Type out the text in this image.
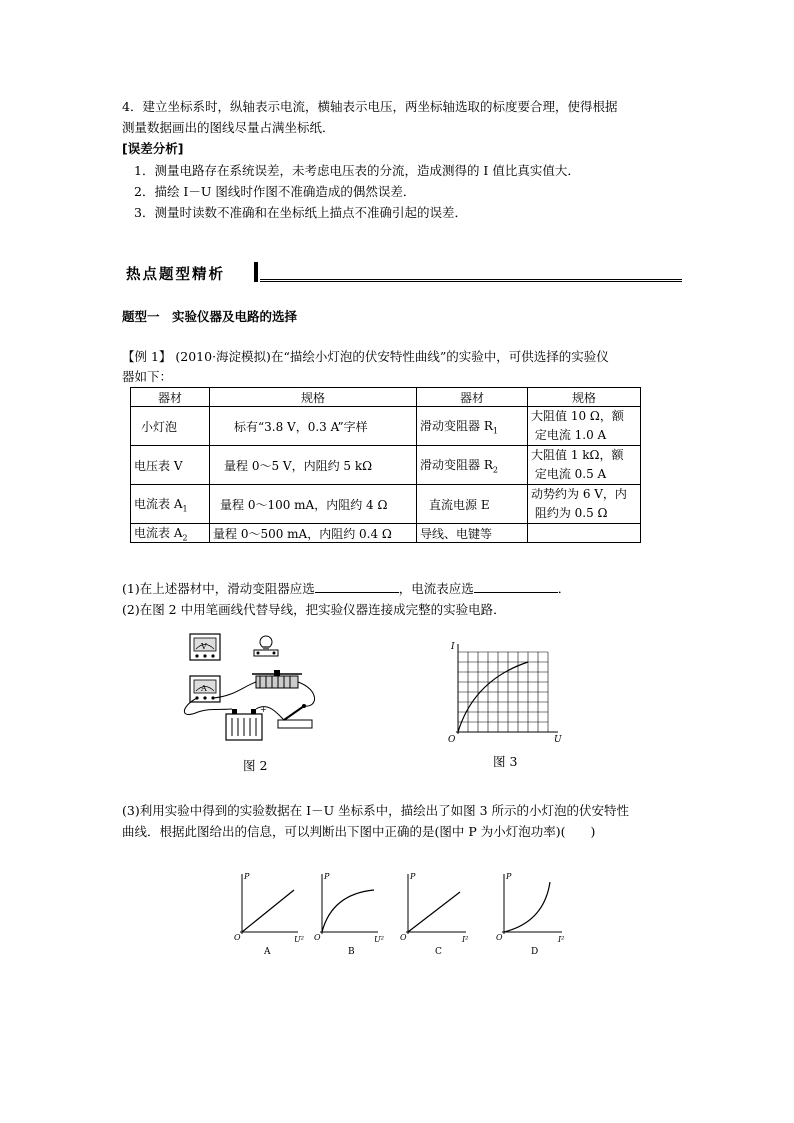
4．建立坐标系时，纵轴表示电流，横轴表示电压，两坐标轴选取的标度要合理，使得根据
测量数据画出的图线尽量占满坐标纸．
[误差分析]
1．测量电路存在系统误差，未考虑电压表的分流，造成测得的 I 值比真实值大．
2．描绘 I－U 图线时作图不准确造成的偶然误差．
3．测量时读数不准确和在坐标纸上描点不准确引起的误差．
热点题型精析
题型一　实验仪器及电路的选择
【例 1】 (2010·海淀模拟)在“描绘小灯泡的伏安特性曲线”的实验中，可供选择的实验仪
器如下：
器材	规格	器材	规格
小灯泡	标有“3.8 V，0.3 A”字样	滑动变阻器 $R_1$	大阻值 10 Ω，额
定电流 1.0 A
电压表 V	量程 0～5 V，内阻约 5 kΩ	滑动变阻器 $R_2$	大阻值 1 kΩ，额
定电流 0.5 A
电流表 $A_1$	量程 0～100 mA，内阻约 4 Ω	直流电源 E	动势约为 6 V，内
阻约为 0.5 Ω
电流表 $A_2$	量程 0～500 mA，内阻约 0.4 Ω	导线、电键等	
(1)在上述器材中，滑动变阻器应选	，电流表应选	．
(2)在图 2 中用笔画线代替导线，把实验仪器连接成完整的实验电路．
V
A
+
图 2
I
U
O
图 3
(3)利用实验中得到的实验数据在 I－U 坐标系中，描绘出了如图 3 所示的小灯泡的伏安特性
曲线．根据此图给出的信息，可以判断出下图中正确的是(图中 P 为小灯泡功率)(　　)
P
U²
O
A
P
U²
O
B
P
I²
O
C
P
I²
O
D
